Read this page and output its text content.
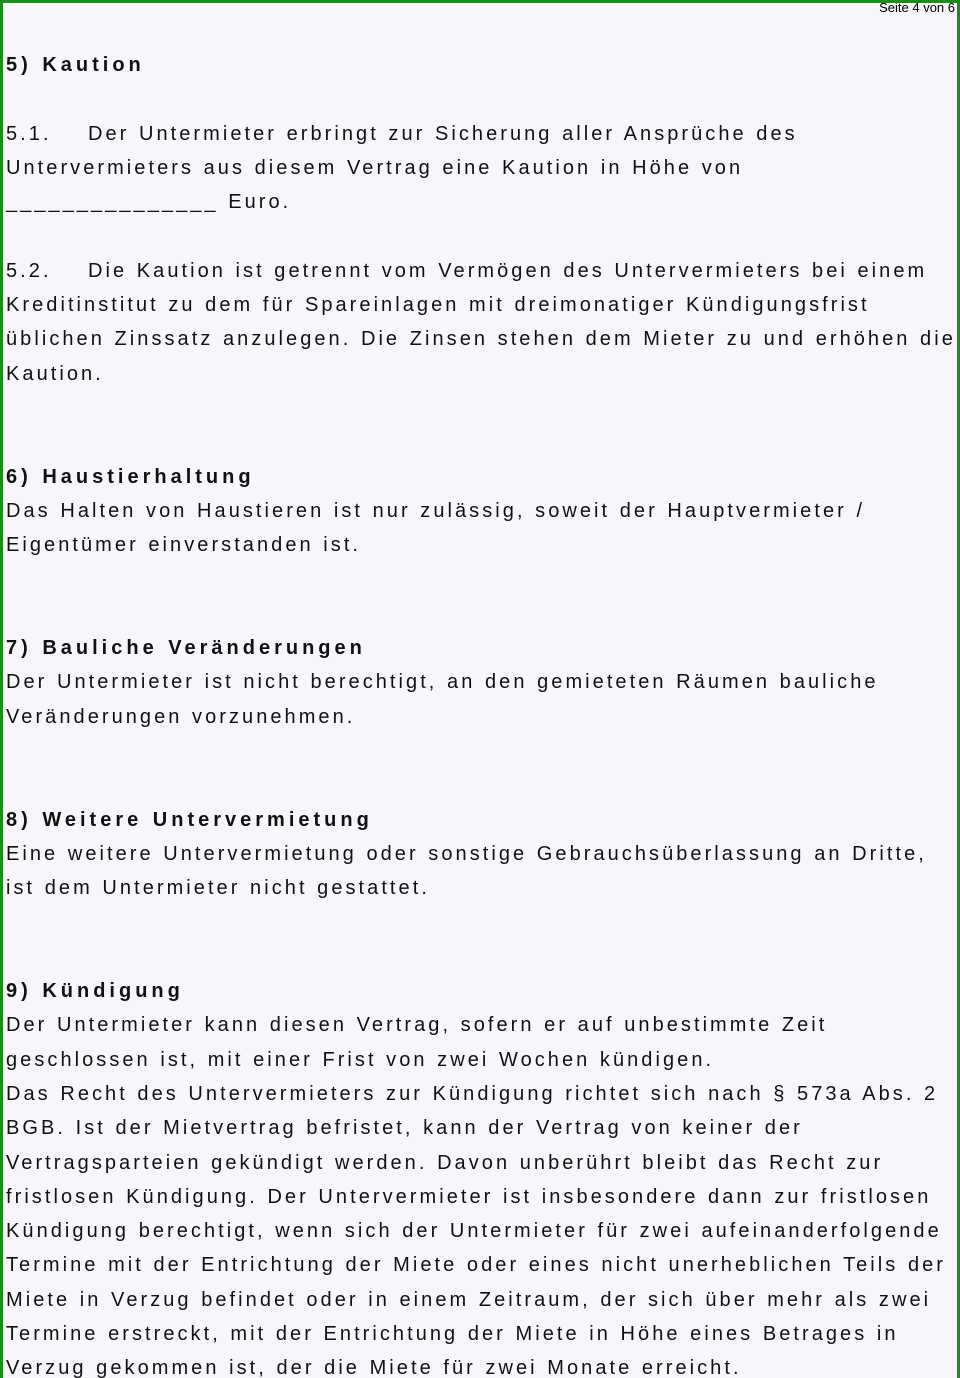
Seite 4 von 6
5) Kaution
5.1. Der Untermieter erbringt zur Sicherung aller Ansprüche des
Untervermieters aus diesem Vertrag eine Kaution in Höhe von
_______________ Euro.
5.2. Die Kaution ist getrennt vom Vermögen des Untervermieters bei einem
Kreditinstitut zu dem für Spareinlagen mit dreimonatiger Kündigungsfrist
üblichen Zinssatz anzulegen. Die Zinsen stehen dem Mieter zu und erhöhen die
Kaution.
6) Haustierhaltung
Das Halten von Haustieren ist nur zulässig, soweit der Hauptvermieter /
Eigentümer einverstanden ist.
7) Bauliche Veränderungen
Der Untermieter ist nicht berechtigt, an den gemieteten Räumen bauliche
Veränderungen vorzunehmen.
8) Weitere Untervermietung
Eine weitere Untervermietung oder sonstige Gebrauchsüberlassung an Dritte,
ist dem Untermieter nicht gestattet.
9) Kündigung
Der Untermieter kann diesen Vertrag, sofern er auf unbestimmte Zeit
geschlossen ist, mit einer Frist von zwei Wochen kündigen.
Das Recht des Untervermieters zur Kündigung richtet sich nach § 573a Abs. 2
BGB. Ist der Mietvertrag befristet, kann der Vertrag von keiner der
Vertragsparteien gekündigt werden. Davon unberührt bleibt das Recht zur
fristlosen Kündigung. Der Untervermieter ist insbesondere dann zur fristlosen
Kündigung berechtigt, wenn sich der Untermieter für zwei aufeinanderfolgende
Termine mit der Entrichtung der Miete oder eines nicht unerheblichen Teils der
Miete in Verzug befindet oder in einem Zeitraum, der sich über mehr als zwei
Termine erstreckt, mit der Entrichtung der Miete in Höhe eines Betrages in
Verzug gekommen ist, der die Miete für zwei Monate erreicht.
